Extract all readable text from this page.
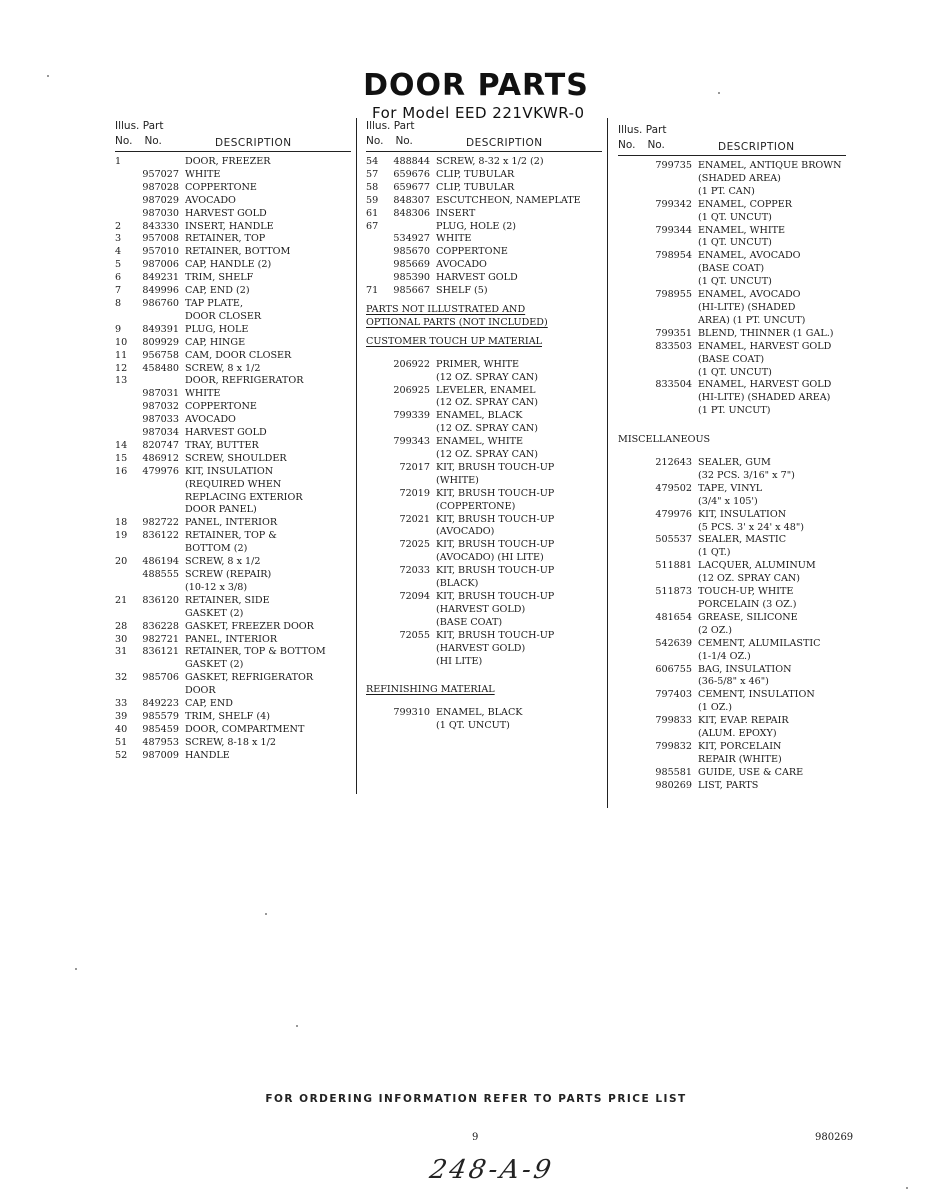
DOOR PARTS
For Model EED 221VKWR-0
Illus. Part
No. No.	DESCRIPTION
1	DOOR, FREEZER
957027 WHITE
987028 COPPERTONE
987029 AVOCADO
987030 HARVEST GOLD
2	843330 INSERT, HANDLE
3	957008 RETAINER, TOP
4	957010 RETAINER, BOTTOM
5	987006 CAP, HANDLE (2)
6	849231 TRIM, SHELF
7	849996 CAP, END (2)
8	986760 TAP PLATE,
DOOR CLOSER
9	849391 PLUG, HOLE
10	809929 CAP, HINGE
11	956758 CAM, DOOR CLOSER
12	458480 SCREW, 8 x 1/2
13	DOOR, REFRIGERATOR
987031 WHITE
987032 COPPERTONE
987033 AVOCADO
987034 HARVEST GOLD
14	820747 TRAY, BUTTER
15	486912 SCREW, SHOULDER
16	479976 KIT, INSULATION
(REQUIRED WHEN
REPLACING EXTERIOR
DOOR PANEL)
18	982722 PANEL, INTERIOR
19	836122 RETAINER, TOP &
BOTTOM (2)
20	486194 SCREW, 8 x 1/2
488555 SCREW (REPAIR)
(10-12 x 3/8)
21	836120 RETAINER, SIDE
GASKET (2)
28	836228 GASKET, FREEZER DOOR
30	982721 PANEL, INTERIOR
31	836121 RETAINER, TOP & BOTTOM
GASKET (2)
32	985706 GASKET, REFRIGERATOR
DOOR
33	849223 CAP, END
39	985579 TRIM, SHELF (4)
40	985459 DOOR, COMPARTMENT
51	487953 SCREW, 8-18 x 1/2
52	987009 HANDLE
Illus. Part
No. No.	DESCRIPTION
54	488844 SCREW, 8-32 x 1/2 (2)
57	659676 CLIP, TUBULAR
58	659677 CLIP, TUBULAR
59	848307 ESCUTCHEON, NAMEPLATE
61	848306 INSERT
67	PLUG, HOLE (2)
534927 WHITE
985670 COPPERTONE
985669 AVOCADO
985390 HARVEST GOLD
71	985667 SHELF (5)
PARTS NOT ILLUSTRATED AND
OPTIONAL PARTS (NOT INCLUDED)
CUSTOMER TOUCH UP MATERIAL
206922 PRIMER, WHITE
(12 OZ. SPRAY CAN)
206925 LEVELER, ENAMEL
(12 OZ. SPRAY CAN)
799339 ENAMEL, BLACK
(12 OZ. SPRAY CAN)
799343 ENAMEL, WHITE
(12 OZ. SPRAY CAN)
72017 KIT, BRUSH TOUCH-UP
(WHITE)
72019 KIT, BRUSH TOUCH-UP
(COPPERTONE)
72021 KIT, BRUSH TOUCH-UP
(AVOCADO)
72025 KIT, BRUSH TOUCH-UP
(AVOCADO) (HI LITE)
72033 KIT, BRUSH TOUCH-UP
(BLACK)
72094 KIT, BRUSH TOUCH-UP
(HARVEST GOLD)
(BASE COAT)
72055 KIT, BRUSH TOUCH-UP
(HARVEST GOLD)
(HI LITE)
REFINISHING MATERIAL
799310 ENAMEL, BLACK
(1 QT. UNCUT)
Illus. Part
No. No.	DESCRIPTION
799735 ENAMEL, ANTIQUE BROWN
(SHADED AREA)
(1 PT. CAN)
799342 ENAMEL, COPPER
(1 QT. UNCUT)
799344 ENAMEL, WHITE
(1 QT. UNCUT)
798954 ENAMEL, AVOCADO
(BASE COAT)
(1 QT. UNCUT)
798955 ENAMEL, AVOCADO
(HI-LITE) (SHADED
AREA) (1 PT. UNCUT)
799351 BLEND, THINNER (1 GAL.)
833503 ENAMEL, HARVEST GOLD
(BASE COAT)
(1 QT. UNCUT)
833504 ENAMEL, HARVEST GOLD
(HI-LITE) (SHADED AREA)
(1 PT. UNCUT)
MISCELLANEOUS
212643 SEALER, GUM
(32 PCS. 3/16" x 7")
479502 TAPE, VINYL
(3/4" x 105')
479976 KIT, INSULATION
(5 PCS. 3' x 24' x 48")
505537 SEALER, MASTIC
(1 QT.)
511881 LACQUER, ALUMINUM
(12 OZ. SPRAY CAN)
511873 TOUCH-UP, WHITE
PORCELAIN (3 OZ.)
481654 GREASE, SILICONE
(2 OZ.)
542639 CEMENT, ALUMILASTIC
(1-1/4 OZ.)
606755 BAG, INSULATION
(36-5/8" x 46")
797403 CEMENT, INSULATION
(1 OZ.)
799833 KIT, EVAP. REPAIR
(ALUM. EPOXY)
799832 KIT, PORCELAIN
REPAIR (WHITE)
985581 GUIDE, USE & CARE
980269 LIST, PARTS
FOR ORDERING INFORMATION REFER TO PARTS PRICE LIST
9	980269
248-A-9
